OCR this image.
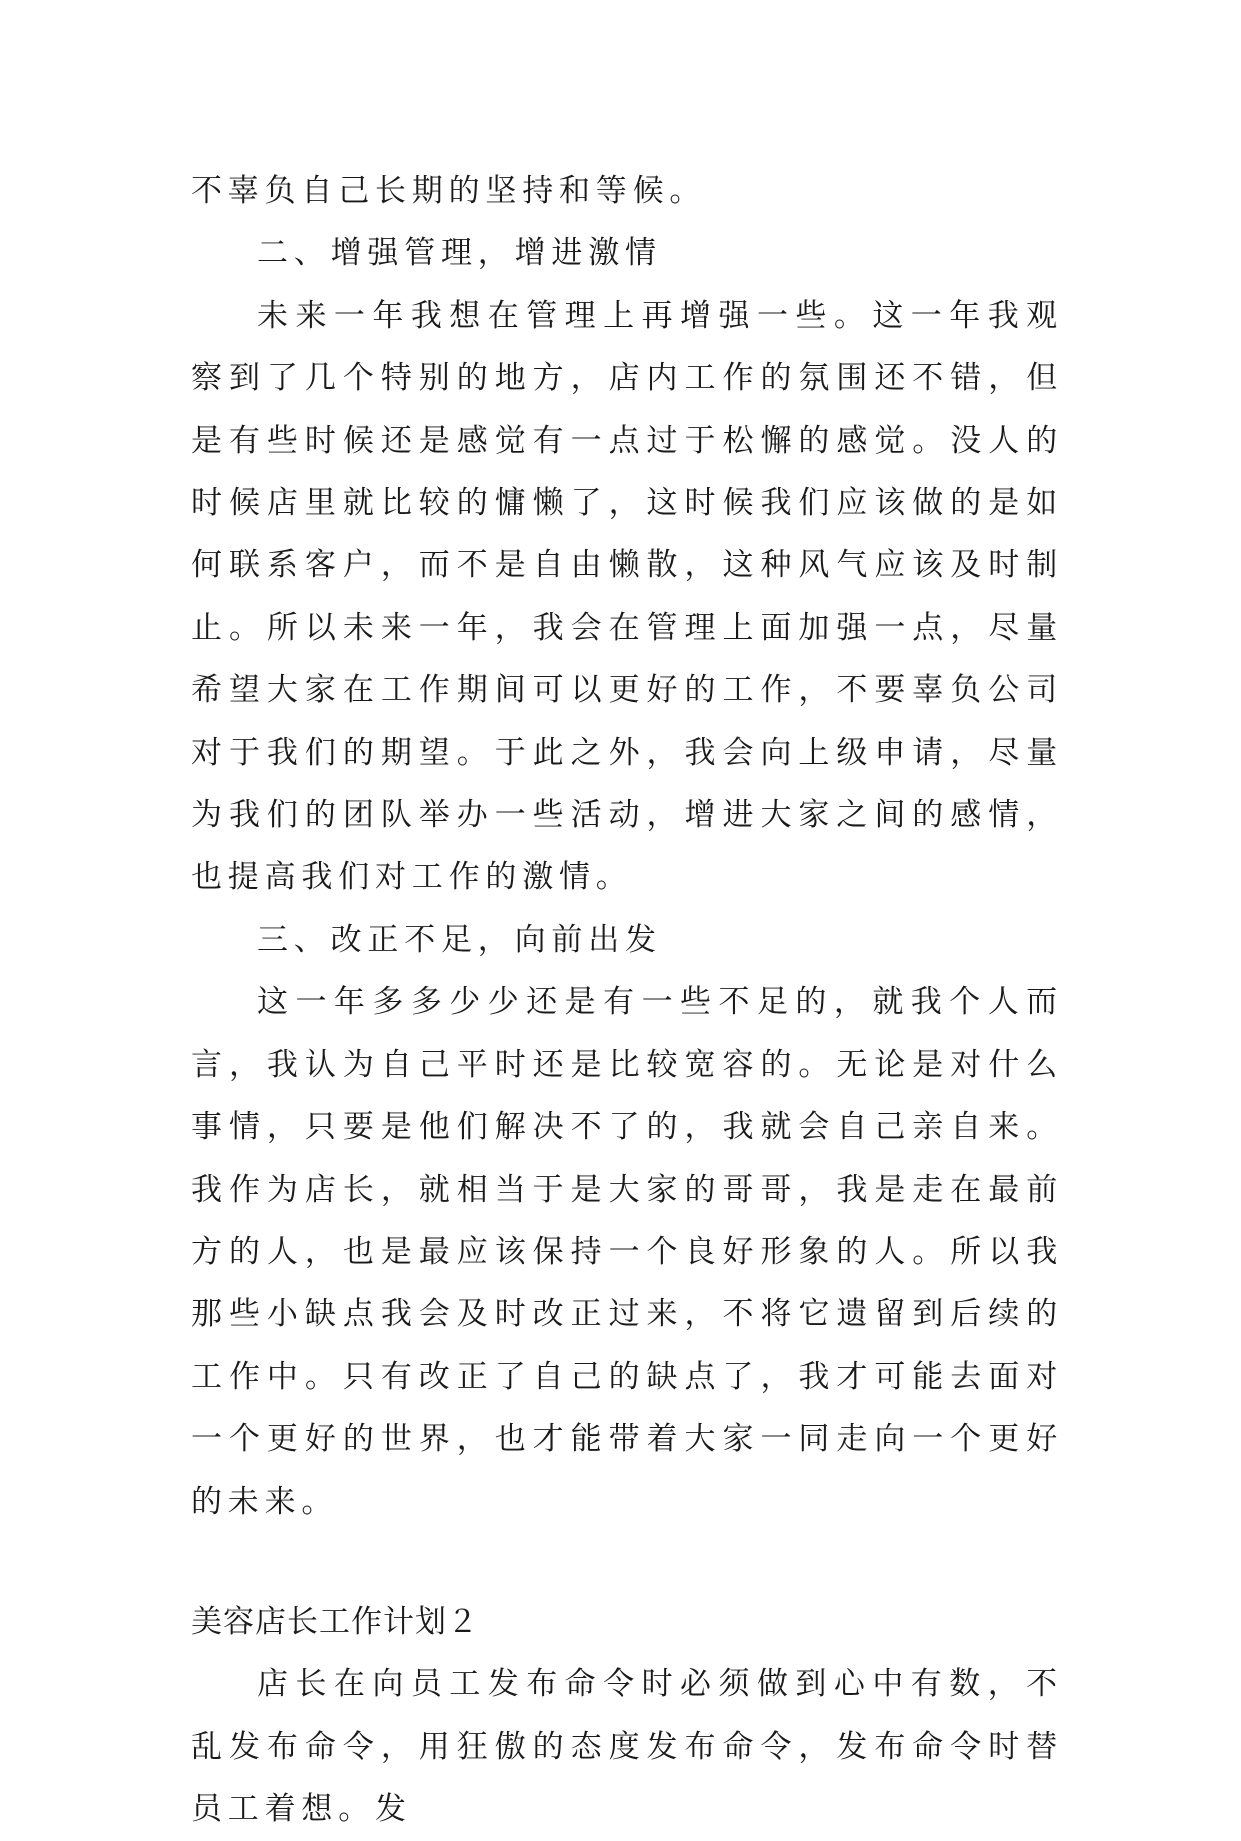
不辜负自己长期的坚持和等候。

二、增强管理，增进激情

未来一年我想在管理上再增强一些。这一年我观察到了几个特别的地方，店内工作的氛围还不错，但是有些时候还是感觉有一点过于松懈的感觉。没人的时候店里就比较的慵懒了，这时候我们应该做的是如何联系客户，而不是自由懒散，这种风气应该及时制止。所以未来一年，我会在管理上面加强一点，尽量希望大家在工作期间可以更好的工作，不要辜负公司对于我们的期望。于此之外，我会向上级申请，尽量为我们的团队举办一些活动，增进大家之间的感情，也提高我们对工作的激情。

三、改正不足，向前出发

这一年多多少少还是有一些不足的，就我个人而言，我认为自己平时还是比较宽容的。无论是对什么事情，只要是他们解决不了的，我就会自己亲自来。我作为店长，就相当于是大家的哥哥，我是走在最前方的人，也是最应该保持一个良好形象的人。所以我那些小缺点我会及时改正过来，不将它遗留到后续的工作中。只有改正了自己的缺点了，我才可能去面对一个更好的世界，也才能带着大家一同走向一个更好的未来。

美容店长工作计划２

店长在向员工发布命令时必须做到心中有数，不乱发布命令，用狂傲的态度发布命令，发布命令时替员工着想。发
